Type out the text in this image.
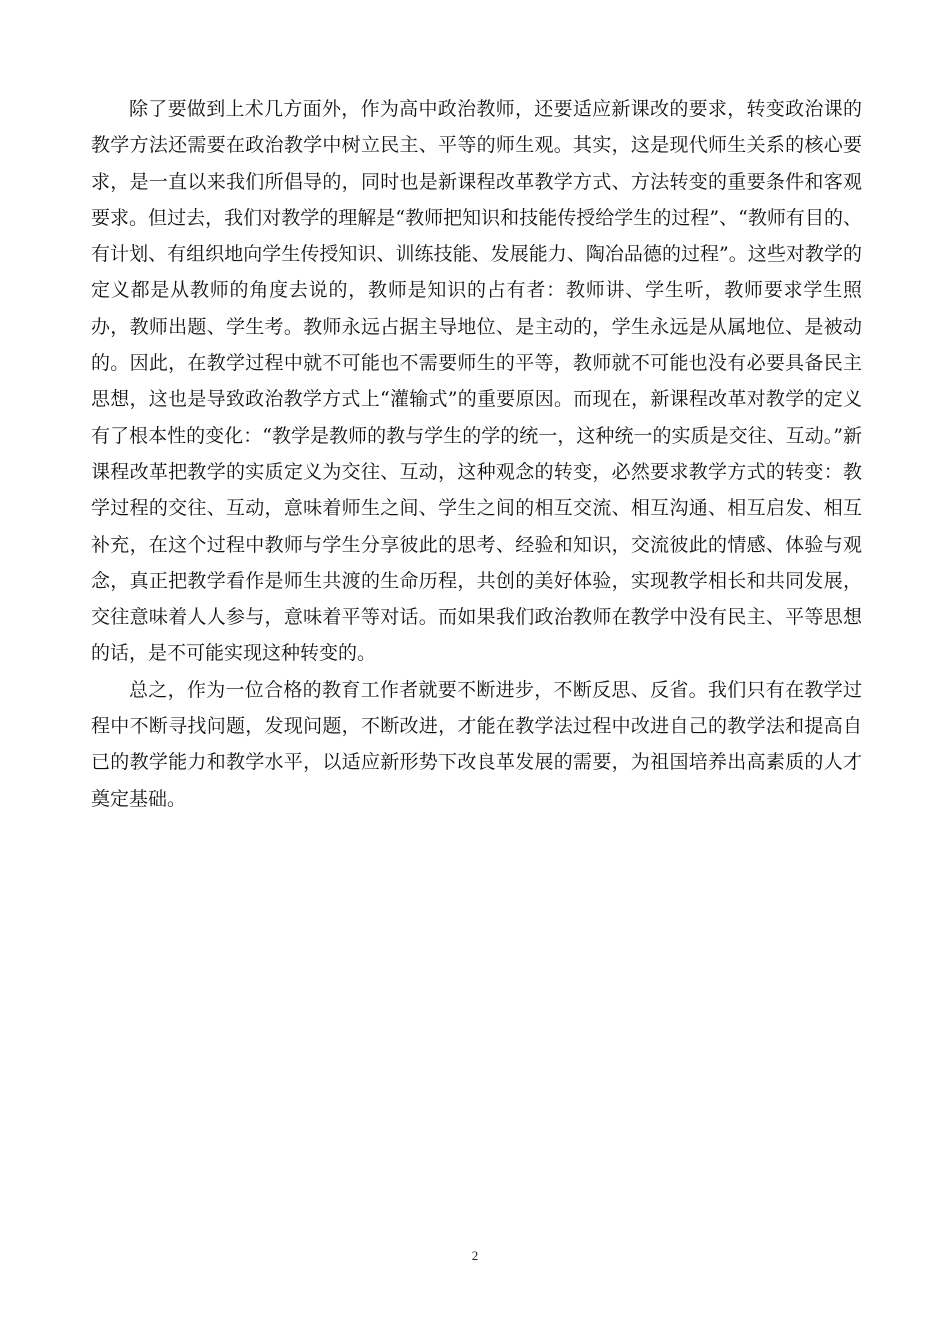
除了要做到上术几方面外，作为高中政治教师，还要适应新课改的要求，转变政治课的教学方法还需要在政治教学中树立民主、平等的师生观。其实，这是现代师生关系的核心要求，是一直以来我们所倡导的，同时也是新课程改革教学方式、方法转变的重要条件和客观要求。但过去，我们对教学的理解是“教师把知识和技能传授给学生的过程”、“教师有目的、有计划、有组织地向学生传授知识、训练技能、发展能力、陶冶品德的过程”。这些对教学的定义都是从教师的角度去说的，教师是知识的占有者：教师讲、学生听，教师要求学生照办，教师出题、学生考。教师永远占据主导地位、是主动的，学生永远是从属地位、是被动的。因此，在教学过程中就不可能也不需要师生的平等，教师就不可能也没有必要具备民主思想，这也是导致政治教学方式上“灌输式”的重要原因。而现在，新课程改革对教学的定义有了根本性的变化：“教学是教师的教与学生的学的统一，这种统一的实质是交往、互动。”新课程改革把教学的实质定义为交往、互动，这种观念的转变，必然要求教学方式的转变：教学过程的交往、互动，意味着师生之间、学生之间的相互交流、相互沟通、相互启发、相互补充，在这个过程中教师与学生分享彼此的思考、经验和知识，交流彼此的情感、体验与观念，真正把教学看作是师生共渡的生命历程，共创的美好体验，实现教学相长和共同发展，交往意味着人人参与，意味着平等对话。而如果我们政治教师在教学中没有民主、平等思想的话，是不可能实现这种转变的。

总之，作为一位合格的教育工作者就要不断进步，不断反思、反省。我们只有在教学过程中不断寻找问题，发现问题，不断改进，才能在教学法过程中改进自己的教学法和提高自已的教学能力和教学水平，以适应新形势下改良革发展的需要，为祖国培养出高素质的人才奠定基础。

2
